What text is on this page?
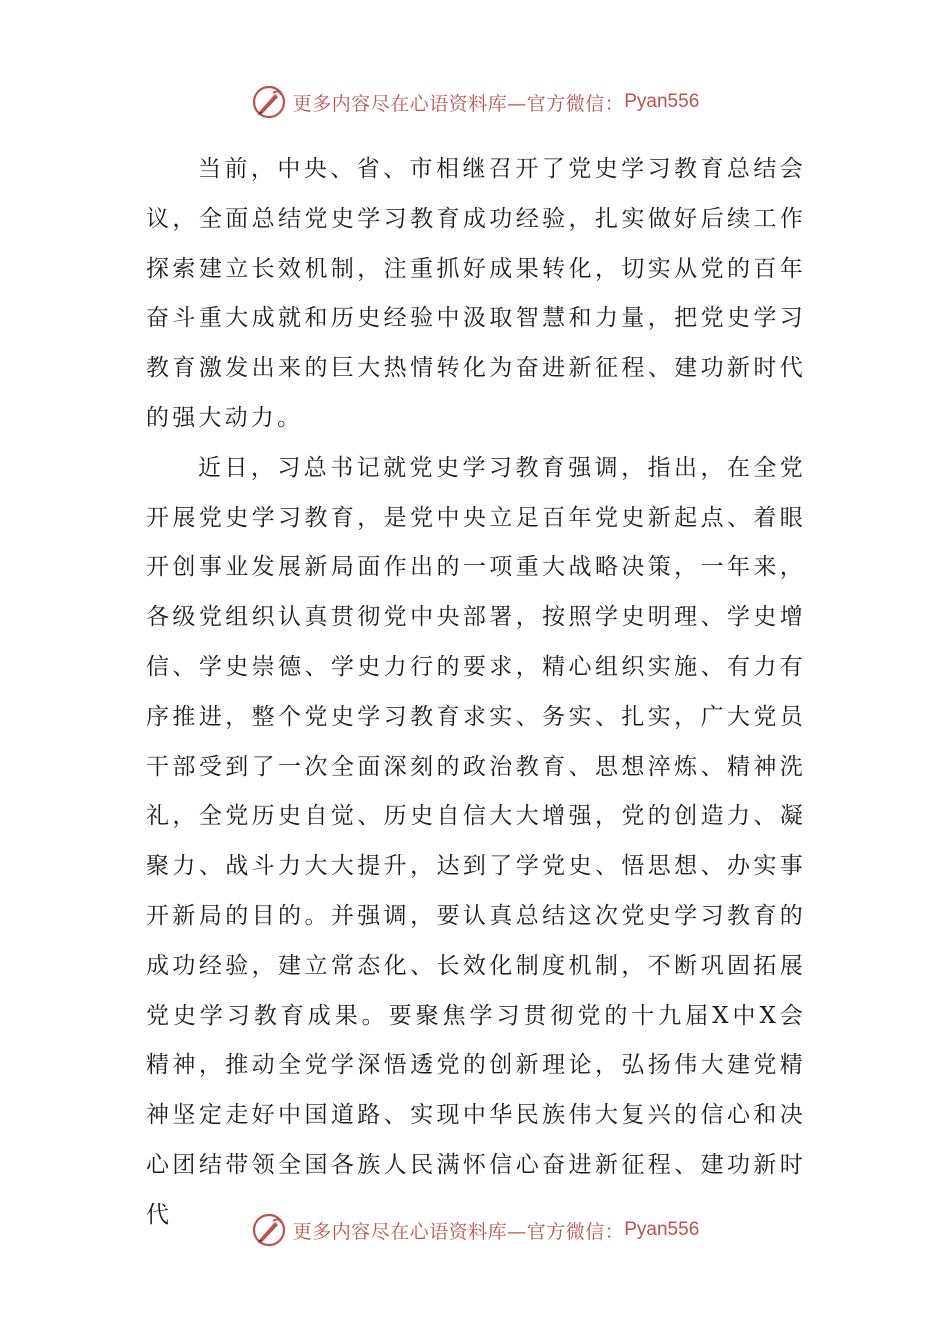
更多内容尽在心语资料库— 官方微信： Pyan556

当前，中央、省、市相继召开了党史学习教育总结会议，全面总结党史学习教育成功经验，扎实做好后续工作探索建立长效机制，注重抓好成果转化，切实从党的百年奋斗重大成就和历史经验中汲取智慧和力量，把党史学习教育激发出来的巨大热情转化为奋进新征程、建功新时代的强大动力。

近日，习总书记就党史学习教育强调，指出，在全党开展党史学习教育，是党中央立足百年党史新起点、着眼开创事业发展新局面作出的一项重大战略决策，一年来，各级党组织认真贯彻党中央部署，按照学史明理、学史增信、学史崇德、学史力行的要求，精心组织实施、有力有序推进，整个党史学习教育求实、务实、扎实，广大党员干部受到了一次全面深刻的政治教育、思想淬炼、精神洗礼，全党历史自觉、历史自信大大增强，党的创造力、凝聚力、战斗力大大提升，达到了学党史、悟思想、办实事开新局的目的。并强调，要认真总结这次党史学习教育的成功经验，建立常态化、长效化制度机制，不断巩固拓展党史学习教育成果。要聚焦学习贯彻党的十九届X中X会精神，推动全党学深悟透党的创新理论，弘扬伟大建党精神坚定走好中国道路、实现中华民族伟大复兴的信心和决心团结带领全国各族人民满怀信心奋进新征程、建功新时代

更多内容尽在心语资料库— 官方微信： Pyan556
